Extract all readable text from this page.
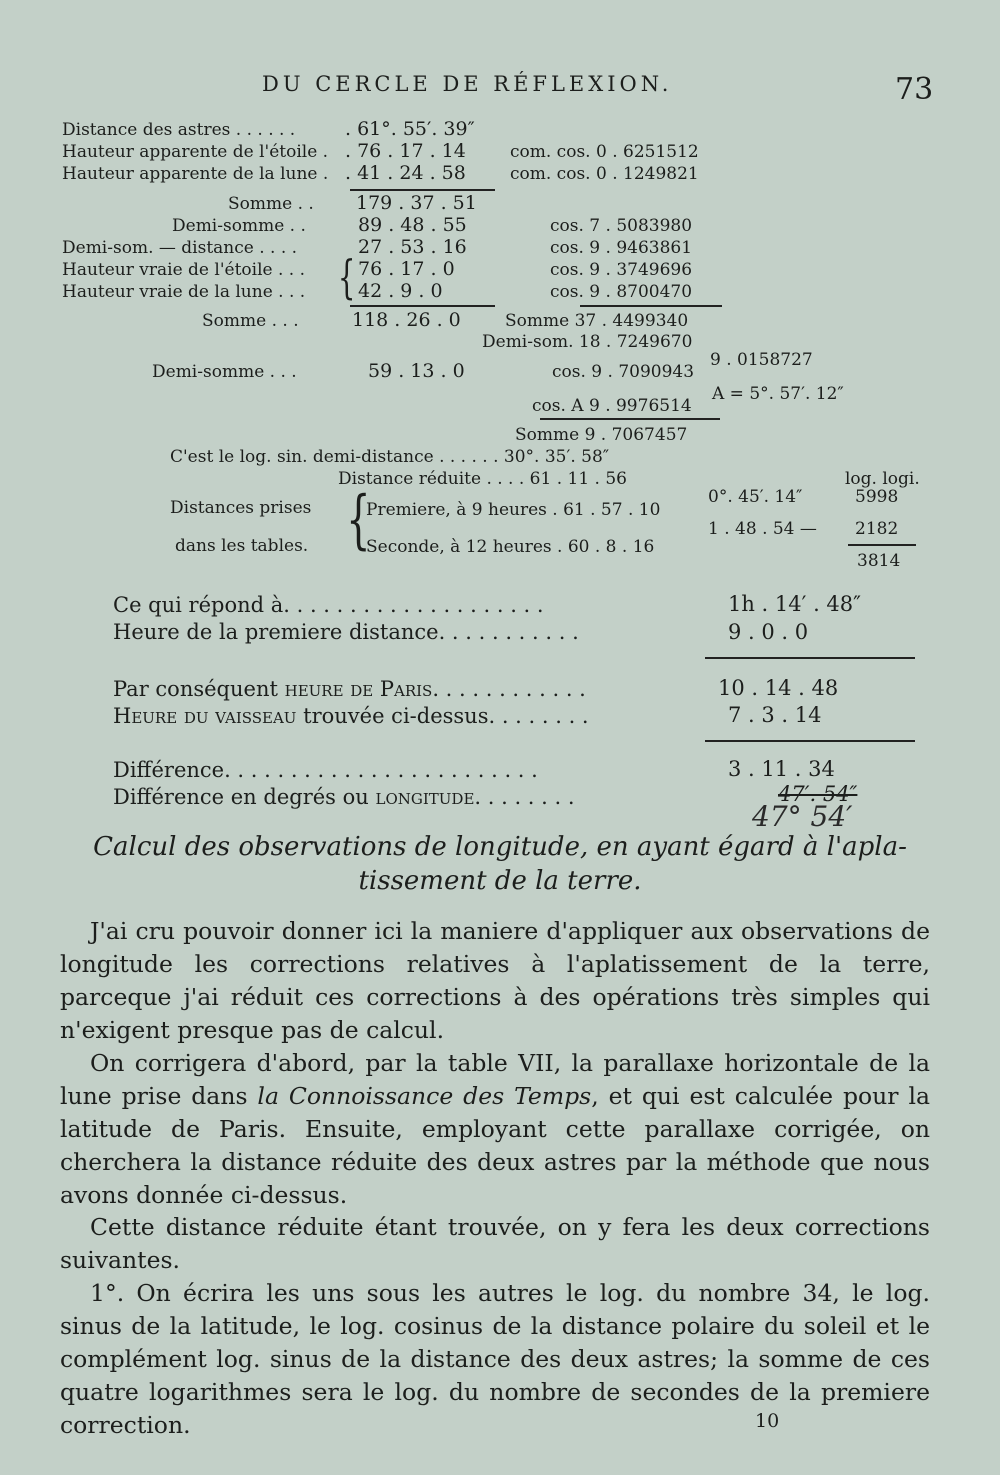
DU CERCLE DE RÉFLEXION.	73
Distance des astres . . . . . .	. 61°. 55′. 39″
Hauteur apparente de l'étoile . . 76 . 17 . 14	com. cos. 0 . 6251512
Hauteur apparente de la lune . . 41 . 24 . 58	com. cos. 0 . 1249821
Somme . . 179 . 37 . 51
Demi-somme . .	89 . 48 . 55	cos. 7 . 5083980
Demi-som. — distance . . . .	27 . 53 . 16	cos. 9 . 9463861
Hauteur vraie de l'étoile . . .	76 . 17 . 0	cos. 9 . 3749696
Hauteur vraie de la lune . . .	42 . 9 . 0	cos. 9 . 8700470
{
Somme . . .	118 . 26 . 0	Somme 37 . 4499340
Demi-som. 18 . 7249670
9 . 0158727
Demi-somme . . .	59 . 13 . 0	cos. 9 . 7090943
A = 5°. 57′. 12″
cos. A 9 . 9976514
Somme 9 . 7067457
C'est le log. sin. demi-distance . . . . . . 30°. 35′. 58″
Distance réduite . . . . 61 . 11 . 56	log. logi.
Distances prises
dans les tables. {
Premiere, à 9 heures . 61 . 57 . 10
Seconde, à 12 heures . 60 . 8 . 16
0°. 45′. 14″	5998
1 . 48 . 54 — 2182
3814
Ce qui répond à. . . . . . . . . . . . . . . . . . . .	1h . 14′ . 48″
Heure de la premiere distance. . . . . . . . . . .	9 . 0 . 0
Par conséquent heure de Paris. . . . . . . . . . . .	10 . 14 . 48
Heure du vaisseau trouvée ci-dessus. . . . . . . .	7 . 3 . 14
Différence. . . . . . . . . . . . . . . . . . . . . . . .	3 . 11 . 34
Différence en degrés ou longitude. . . . . . . .	47′. 54″
47° 54′
Calcul des observations de longitude, en ayant égard à l'apla-
tissement de la terre.
J'ai cru pouvoir donner ici la maniere d'appliquer aux observations de longitude les corrections relatives à l'aplatissement de la terre, parceque j'ai réduit ces corrections à des opérations très simples qui n'exigent presque pas de calcul.
On corrigera d'abord, par la table VII, la parallaxe horizontale de la lune prise dans la Connoissance des Temps, et qui est calculée pour la latitude de Paris. Ensuite, employant cette parallaxe corrigée, on cherchera la distance réduite des deux astres par la méthode que nous avons donnée ci-dessus.
Cette distance réduite étant trouvée, on y fera les deux corrections suivantes.
1°. On écrira les uns sous les autres le log. du nombre 34, le log. sinus de la latitude, le log. cosinus de la distance polaire du soleil et le complément log. sinus de la distance des deux astres; la somme de ces quatre logarithmes sera le log. du nombre de secondes de la premiere correction.	10
